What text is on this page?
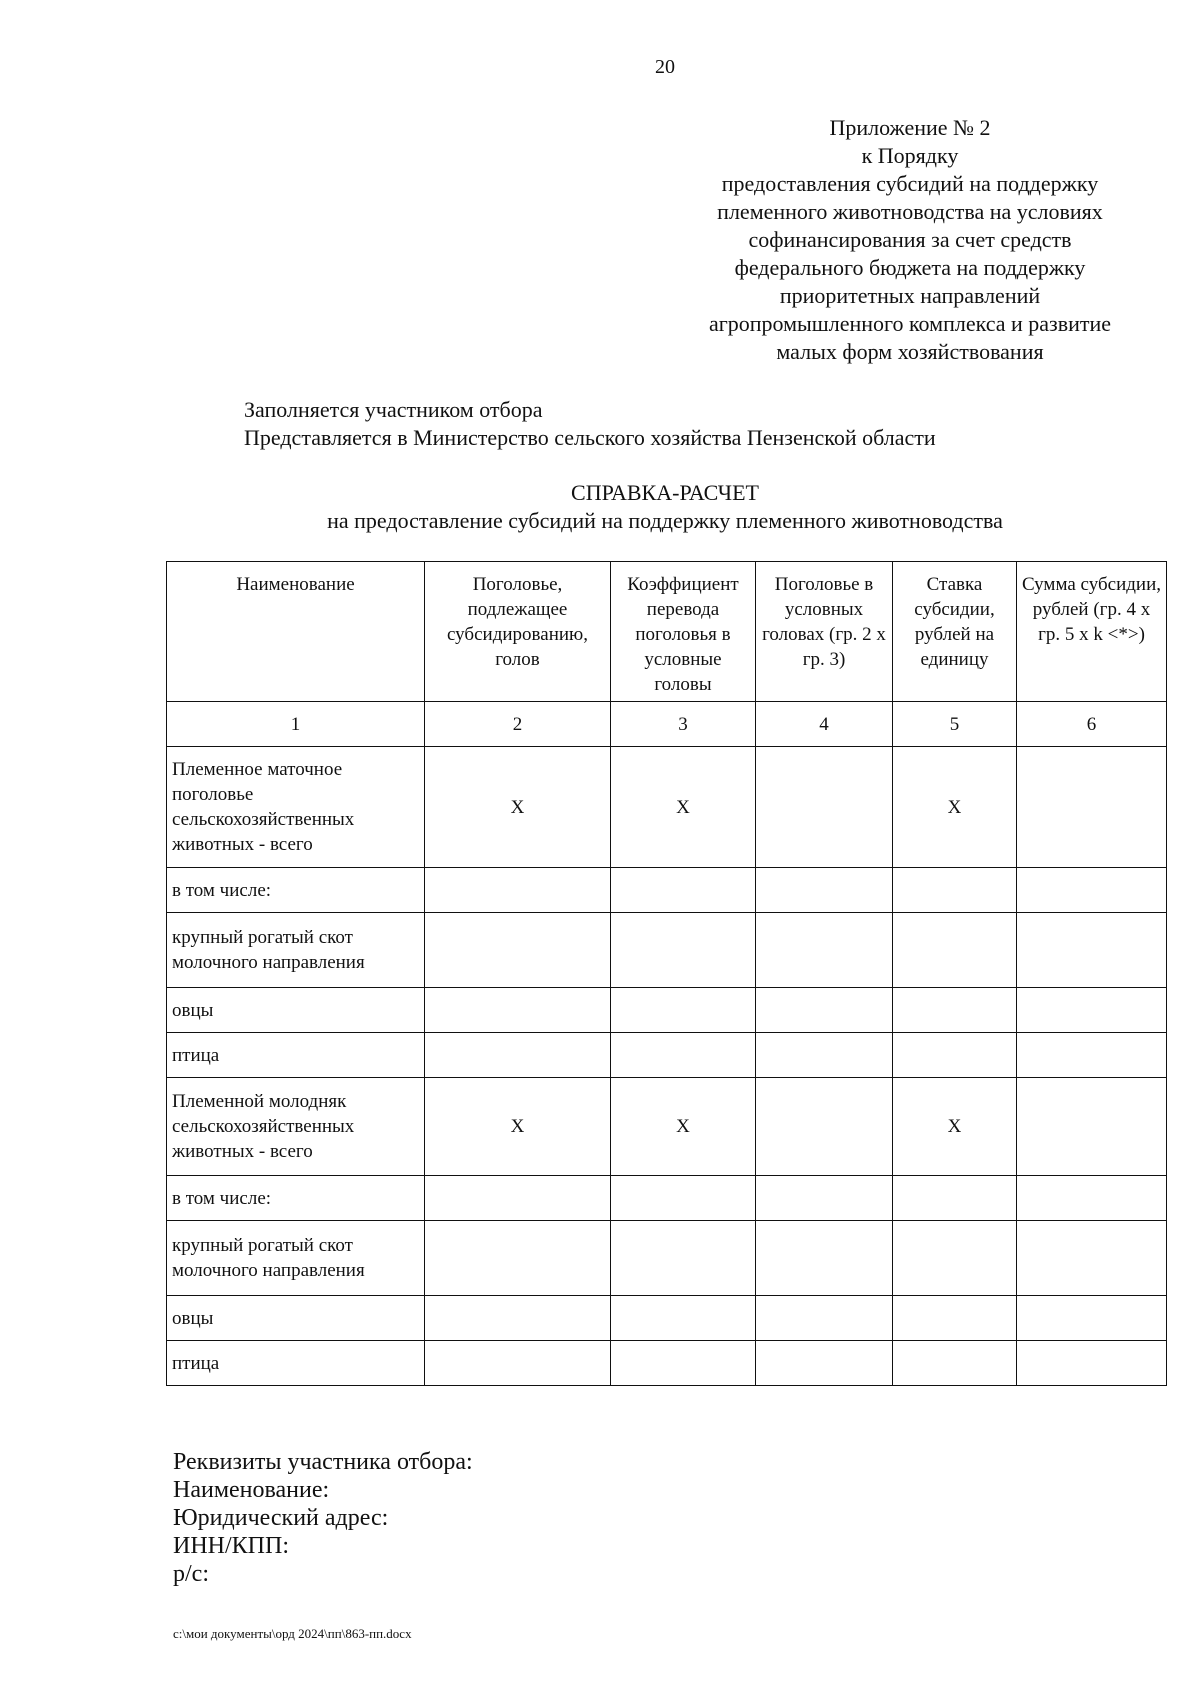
20
Приложение № 2
к Порядку
предоставления субсидий на поддержку
племенного животноводства на условиях
софинансирования за счет средств
федерального бюджета на поддержку
приоритетных направлений
агропромышленного комплекса и развитие
малых форм хозяйствования
Заполняется участником отбора
Представляется в Министерство сельского хозяйства Пензенской области
СПРАВКА-РАСЧЕТ
на предоставление субсидий на поддержку племенного животноводства
Наименование	Поголовье, подлежащее субсидированию, голов	Коэффициент перевода поголовья в условные головы	Поголовье в условных головах (гр. 2 x гр. 3)	Ставка субсидии, рублей на единицу	Сумма субсидии, рублей (гр. 4 x гр. 5 x k <*>)
1	2	3	4	5	6
Племенное маточное поголовье сельскохозяйственных животных - всего	X	X		X	
в том числе:					
крупный рогатый скот молочного направления					
овцы					
птица					
Племенной молодняк сельскохозяйственных животных - всего	X	X		X	
в том числе:					
крупный рогатый скот молочного направления					
овцы					
птица					
Реквизиты участника отбора:
Наименование:
Юридический адрес:
ИНН/КПП:
р/с:
c:\мои документы\орд 2024\пп\863-пп.docx
